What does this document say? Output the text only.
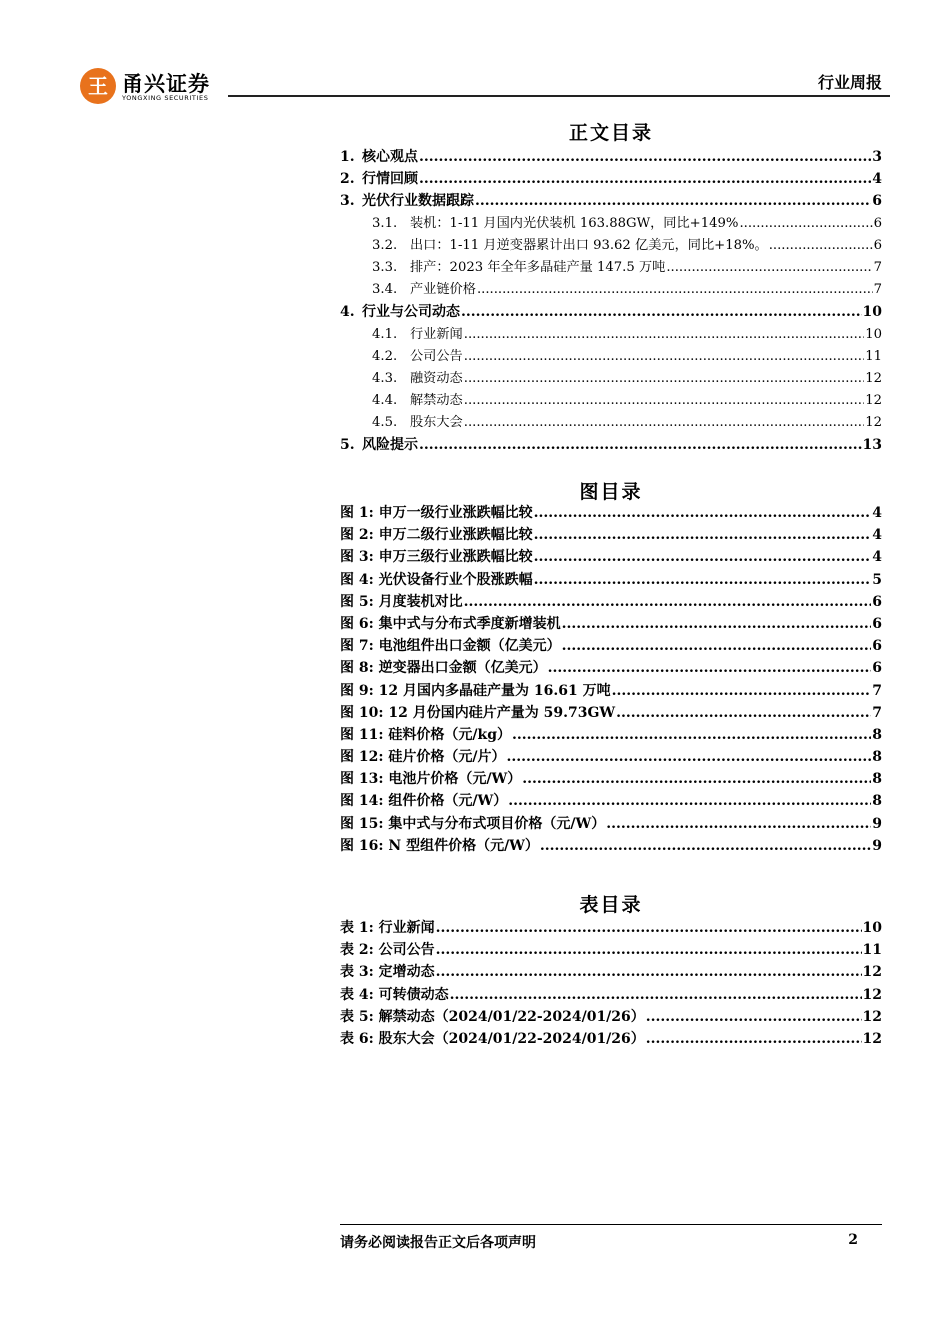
王 甬兴证券
YONGXING SECURITIES
行业周报
正文目录
1. 核心观点 .....	3
2. 行情回顾 .....	4
3. 光伏行业数据跟踪 .....	6
3.1. 装机：1-11 月国内光伏装机 163.88GW，同比+149% .....	6
3.2. 出口：1-11 月逆变器累计出口 93.62 亿美元，同比+18%。 .....	6
3.3. 排产：2023 年全年多晶硅产量 147.5 万吨 .....	7
3.4. 产业链价格 .....	7
4. 行业与公司动态 .....	10
4.1. 行业新闻 .....	10
4.2. 公司公告 .....	11
4.3. 融资动态 .....	12
4.4. 解禁动态 .....	12
4.5. 股东大会 .....	12
5. 风险提示 .....	13
图目录
图 1: 申万一级行业涨跌幅比较 .....	4
图 2: 申万二级行业涨跌幅比较 .....	4
图 3: 申万三级行业涨跌幅比较 .....	4
图 4: 光伏设备行业个股涨跌幅 .....	5
图 5: 月度装机对比 .....	6
图 6: 集中式与分布式季度新增装机 .....	6
图 7: 电池组件出口金额（亿美元） .....	6
图 8: 逆变器出口金额（亿美元） .....	6
图 9: 12 月国内多晶硅产量为 16.61 万吨 .....	7
图 10: 12 月份国内硅片产量为 59.73GW .....	7
图 11: 硅料价格（元/kg） .....	8
图 12: 硅片价格（元/片） .....	8
图 13: 电池片价格（元/W） .....	8
图 14: 组件价格（元/W） .....	8
图 15: 集中式与分布式项目价格（元/W） .....	9
图 16: N 型组件价格（元/W） .....	9
表目录
表 1: 行业新闻 .....	10
表 2: 公司公告 .....	11
表 3: 定增动态 .....	12
表 4: 可转债动态 .....	12
表 5: 解禁动态（2024/01/22-2024/01/26） .....	12
表 6: 股东大会（2024/01/22-2024/01/26） .....	12
请务必阅读报告正文后各项声明	2
